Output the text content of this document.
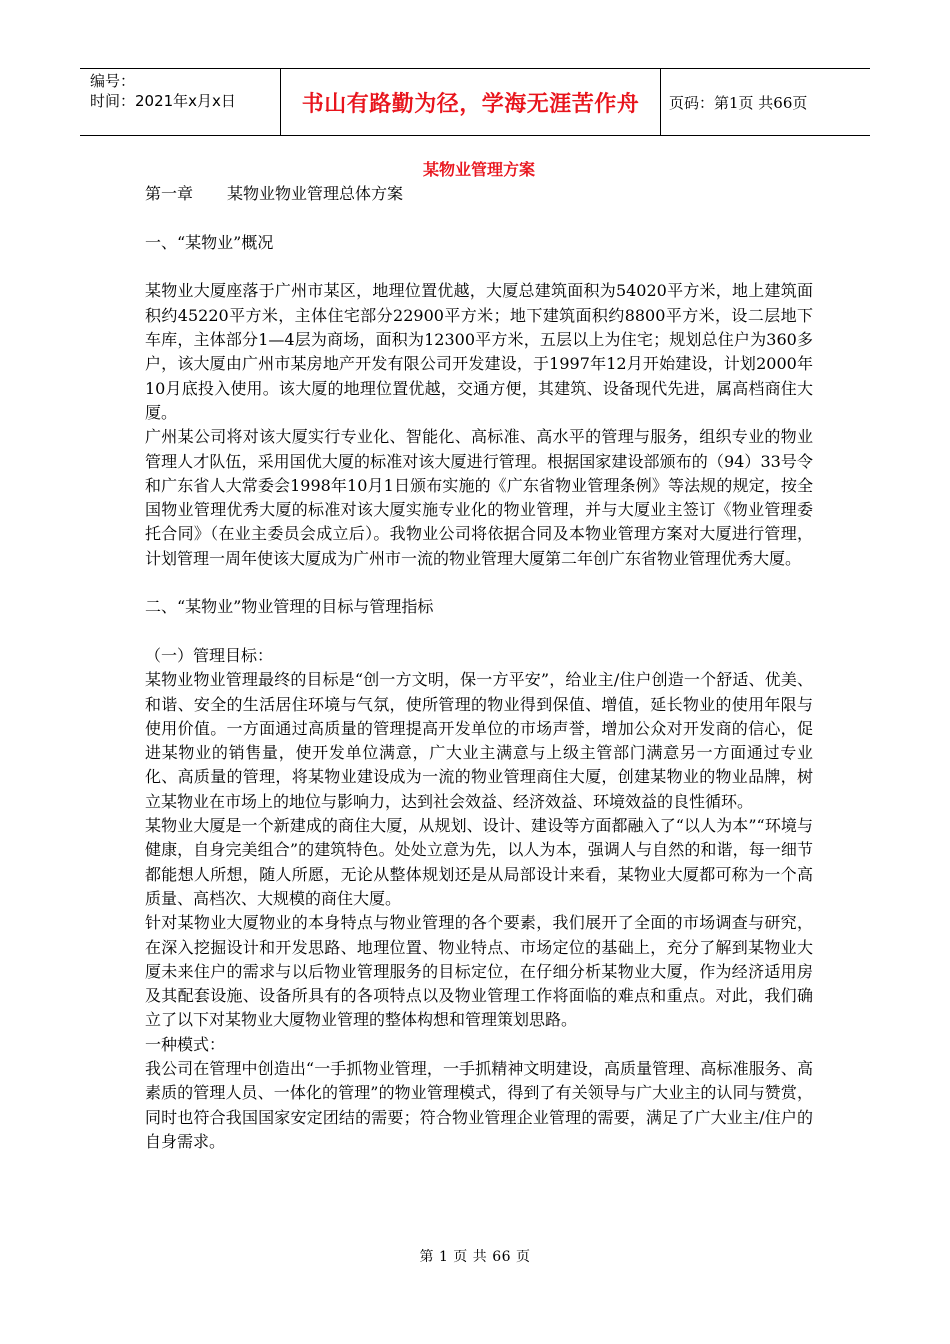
编号：
时间：2021年x月x日	书山有路勤为径，学海无涯苦作舟 页码：第1页 共66页
某物业管理方案

第一章 某物业物业管理总体方案

一、“某物业”概况

某物业大厦座落于广州市某区，地理位置优越，大厦总建筑面积为54020平方米，地上建筑面积约45220平方米，主体住宅部分22900平方米；地下建筑面积约8800平方米，设二层地下车库，主体部分1—4层为商场，面积为12300平方米，五层以上为住宅；规划总住户为360多户，该大厦由广州市某房地产开发有限公司开发建设，于1997年12月开始建设，计划2000年10月底投入使用。该大厦的地理位置优越，交通方便，其建筑、设备现代先进，属高档商住大厦。

广州某公司将对该大厦实行专业化、智能化、高标准、高水平的管理与服务，组织专业的物业管理人才队伍，采用国优大厦的标准对该大厦进行管理。根据国家建设部颁布的（94）33号令和广东省人大常委会1998年10月1日颁布实施的《广东省物业管理条例》等法规的规定，按全国物业管理优秀大厦的标准对该大厦实施专业化的物业管理，并与大厦业主签订《物业管理委托合同》（在业主委员会成立后）。我物业公司将依据合同及本物业管理方案对大厦进行管理，计划管理一周年使该大厦成为广州市一流的物业管理大厦第二年创广东省物业管理优秀大厦。

二、“某物业”物业管理的目标与管理指标

（一）管理目标：

某物业物业管理最终的目标是“创一方文明，保一方平安”，给业主/住户创造一个舒适、优美、和谐、安全的生活居住环境与气氛，使所管理的物业得到保值、增值，延长物业的使用年限与使用价值。一方面通过高质量的管理提高开发单位的市场声誉，增加公众对开发商的信心，促进某物业的销售量，使开发单位满意，广大业主满意与上级主管部门满意另一方面通过专业化、高质量的管理，将某物业建设成为一流的物业管理商住大厦，创建某物业的物业品牌，树立某物业在市场上的地位与影响力，达到社会效益、经济效益、环境效益的良性循环。

某物业大厦是一个新建成的商住大厦，从规划、设计、建设等方面都融入了“以人为本”“环境与健康，自身完美组合”的建筑特色。处处立意为先，以人为本，强调人与自然的和谐，每一细节都能想人所想，随人所愿，无论从整体规划还是从局部设计来看，某物业大厦都可称为一个高质量、高档次、大规模的商住大厦。

针对某物业大厦物业的本身特点与物业管理的各个要素，我们展开了全面的市场调查与研究，在深入挖掘设计和开发思路、地理位置、物业特点、市场定位的基础上，充分了解到某物业大厦未来住户的需求与以后物业管理服务的目标定位，在仔细分析某物业大厦，作为经济适用房及其配套设施、设备所具有的各项特点以及物业管理工作将面临的难点和重点。对此，我们确立了以下对某物业大厦物业管理的整体构想和管理策划思路。

一种模式：

我公司在管理中创造出“一手抓物业管理，一手抓精神文明建设，高质量管理、高标准服务、高素质的管理人员、一体化的管理”的物业管理模式，得到了有关领导与广大业主的认同与赞赏，同时也符合我国国家安定团结的需要；符合物业管理企业管理的需要，满足了广大业主/住户的自身需求。

第 1 页 共 66 页
